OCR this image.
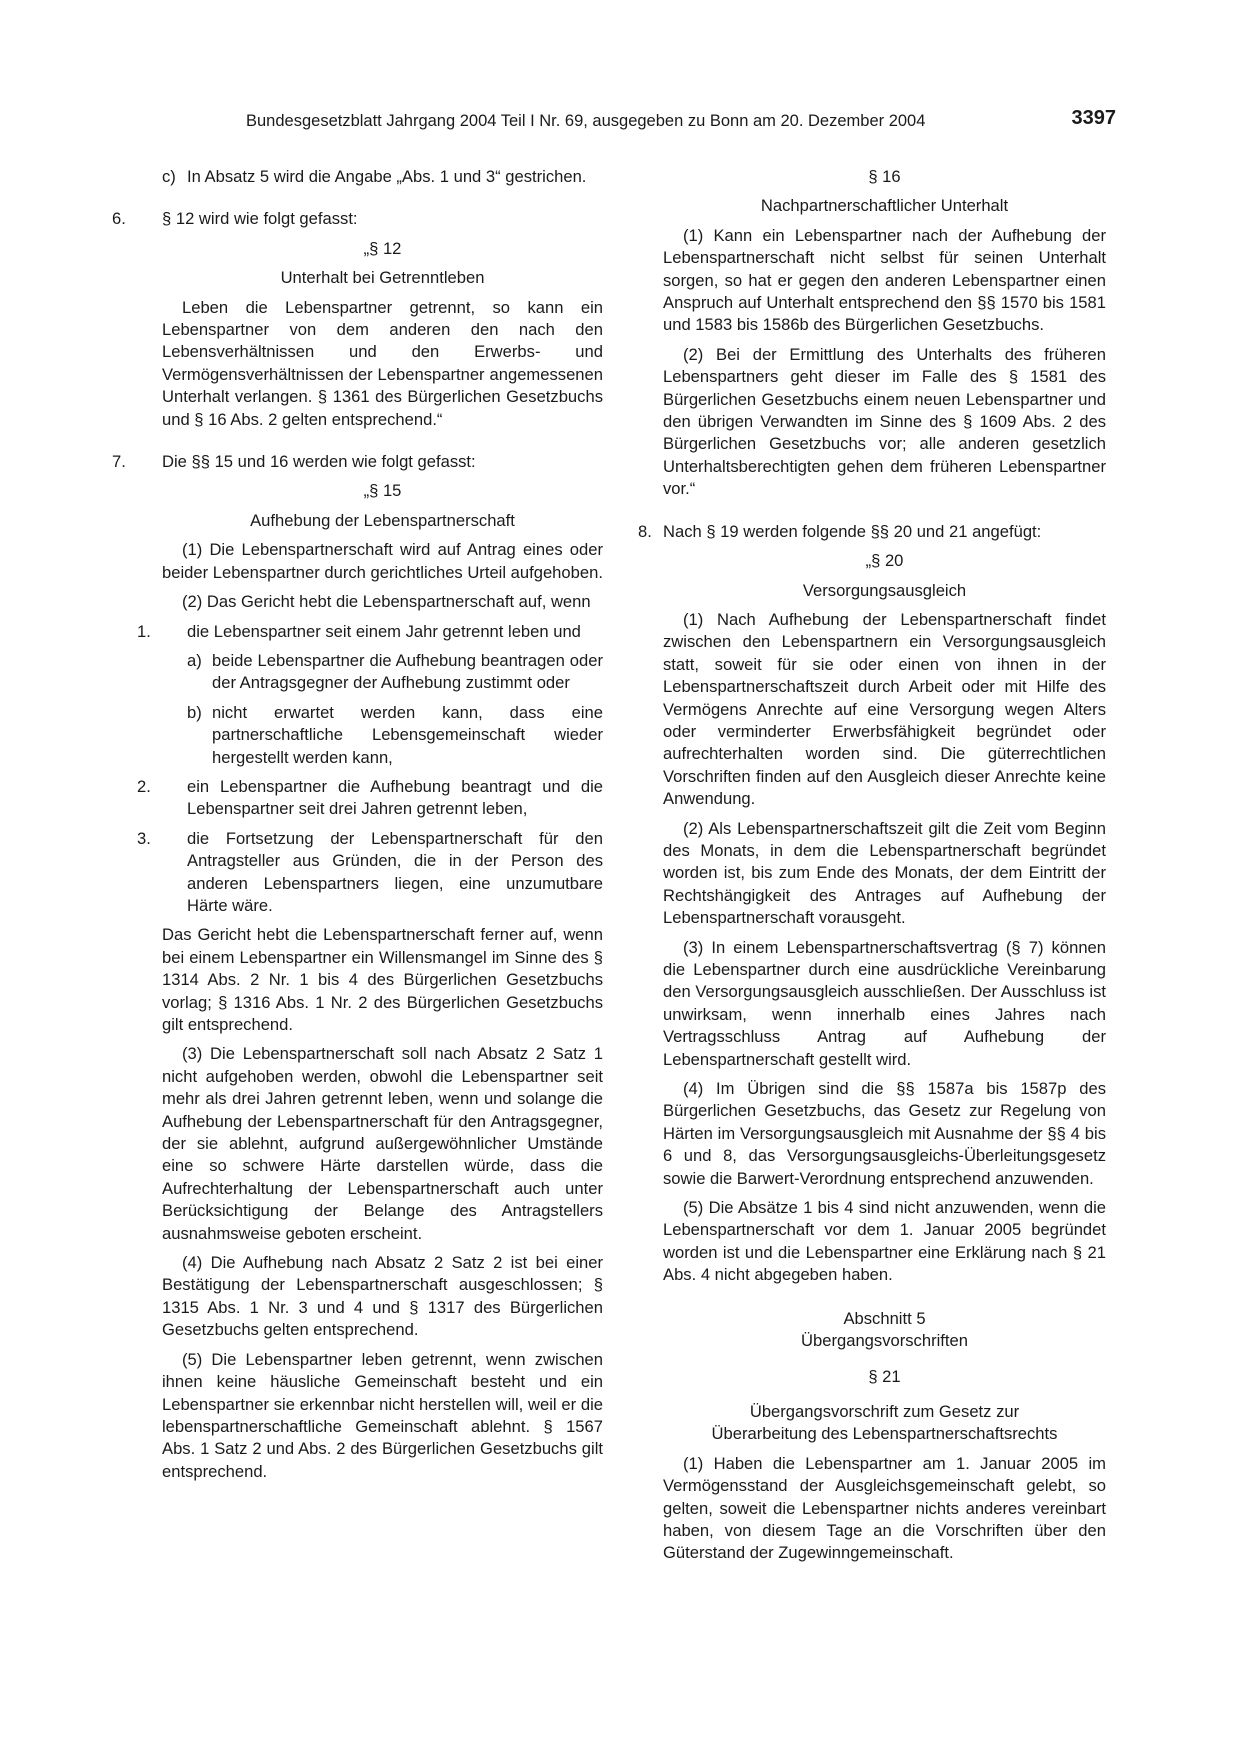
Bundesgesetzblatt Jahrgang 2004 Teil I Nr. 69, ausgegeben zu Bonn am 20. Dezember 2004	3397
c) In Absatz 5 wird die Angabe „Abs. 1 und 3“ gestrichen.

6. § 12 wird wie folgt gefasst:

„§ 12

Unterhalt bei Getrenntleben

Leben die Lebenspartner getrennt, so kann ein Lebenspartner von dem anderen den nach den Lebensverhältnissen und den Erwerbs- und Vermögensverhältnissen der Lebenspartner angemessenen Unterhalt verlangen. § 1361 des Bürgerlichen Gesetzbuchs und § 16 Abs. 2 gelten entsprechend.“

7. Die §§ 15 und 16 werden wie folgt gefasst:

„§ 15

Aufhebung der Lebenspartnerschaft

(1) Die Lebenspartnerschaft wird auf Antrag eines oder beider Lebenspartner durch gerichtliches Urteil aufgehoben.

(2) Das Gericht hebt die Lebenspartnerschaft auf, wenn

1. die Lebenspartner seit einem Jahr getrennt leben und

a) beide Lebenspartner die Aufhebung beantragen oder der Antragsgegner der Aufhebung zustimmt oder

b) nicht erwartet werden kann, dass eine partnerschaftliche Lebensgemeinschaft wieder hergestellt werden kann,

2. ein Lebenspartner die Aufhebung beantragt und die Lebenspartner seit drei Jahren getrennt leben,

3. die Fortsetzung der Lebenspartnerschaft für den Antragsteller aus Gründen, die in der Person des anderen Lebenspartners liegen, eine unzumutbare Härte wäre.

Das Gericht hebt die Lebenspartnerschaft ferner auf, wenn bei einem Lebenspartner ein Willensmangel im Sinne des § 1314 Abs. 2 Nr. 1 bis 4 des Bürgerlichen Gesetzbuchs vorlag; § 1316 Abs. 1 Nr. 2 des Bürgerlichen Gesetzbuchs gilt entsprechend.

(3) Die Lebenspartnerschaft soll nach Absatz 2 Satz 1 nicht aufgehoben werden, obwohl die Lebenspartner seit mehr als drei Jahren getrennt leben, wenn und solange die Aufhebung der Lebenspartnerschaft für den Antragsgegner, der sie ablehnt, aufgrund außergewöhnlicher Umstände eine so schwere Härte darstellen würde, dass die Aufrechterhaltung der Lebenspartnerschaft auch unter Berücksichtigung der Belange des Antragstellers ausnahmsweise geboten erscheint.

(4) Die Aufhebung nach Absatz 2 Satz 2 ist bei einer Bestätigung der Lebenspartnerschaft ausgeschlossen; § 1315 Abs. 1 Nr. 3 und 4 und § 1317 des Bürgerlichen Gesetzbuchs gelten entsprechend.

(5) Die Lebenspartner leben getrennt, wenn zwischen ihnen keine häusliche Gemeinschaft besteht und ein Lebenspartner sie erkennbar nicht herstellen will, weil er die lebenspartnerschaftliche Gemeinschaft ablehnt. § 1567 Abs. 1 Satz 2 und Abs. 2 des Bürgerlichen Gesetzbuchs gilt entsprechend.

§ 16

Nachpartnerschaftlicher Unterhalt

(1) Kann ein Lebenspartner nach der Aufhebung der Lebenspartnerschaft nicht selbst für seinen Unterhalt sorgen, so hat er gegen den anderen Lebenspartner einen Anspruch auf Unterhalt entsprechend den §§ 1570 bis 1581 und 1583 bis 1586b des Bürgerlichen Gesetzbuchs.

(2) Bei der Ermittlung des Unterhalts des früheren Lebenspartners geht dieser im Falle des § 1581 des Bürgerlichen Gesetzbuchs einem neuen Lebenspartner und den übrigen Verwandten im Sinne des § 1609 Abs. 2 des Bürgerlichen Gesetzbuchs vor; alle anderen gesetzlich Unterhaltsberechtigten gehen dem früheren Lebenspartner vor.“

8. Nach § 19 werden folgende §§ 20 und 21 angefügt:

„§ 20

Versorgungsausgleich

(1) Nach Aufhebung der Lebenspartnerschaft findet zwischen den Lebenspartnern ein Versorgungsausgleich statt, soweit für sie oder einen von ihnen in der Lebenspartnerschaftszeit durch Arbeit oder mit Hilfe des Vermögens Anrechte auf eine Versorgung wegen Alters oder verminderter Erwerbsfähigkeit begründet oder aufrechterhalten worden sind. Die güterrechtlichen Vorschriften finden auf den Ausgleich dieser Anrechte keine Anwendung.

(2) Als Lebenspartnerschaftszeit gilt die Zeit vom Beginn des Monats, in dem die Lebenspartnerschaft begründet worden ist, bis zum Ende des Monats, der dem Eintritt der Rechtshängigkeit des Antrages auf Aufhebung der Lebenspartnerschaft vorausgeht.

(3) In einem Lebenspartnerschaftsvertrag (§ 7) können die Lebenspartner durch eine ausdrückliche Vereinbarung den Versorgungsausgleich ausschließen. Der Ausschluss ist unwirksam, wenn innerhalb eines Jahres nach Vertragsschluss Antrag auf Aufhebung der Lebenspartnerschaft gestellt wird.

(4) Im Übrigen sind die §§ 1587a bis 1587p des Bürgerlichen Gesetzbuchs, das Gesetz zur Regelung von Härten im Versorgungsausgleich mit Ausnahme der §§ 4 bis 6 und 8, das Versorgungsausgleichs-Überleitungsgesetz sowie die Barwert-Verordnung entsprechend anzuwenden.

(5) Die Absätze 1 bis 4 sind nicht anzuwenden, wenn die Lebenspartnerschaft vor dem 1. Januar 2005 begründet worden ist und die Lebenspartner eine Erklärung nach § 21 Abs. 4 nicht abgegeben haben.

Abschnitt 5

Übergangsvorschriften

§ 21

Übergangsvorschrift zum Gesetz zur

Überarbeitung des Lebenspartnerschaftsrechts

(1) Haben die Lebenspartner am 1. Januar 2005 im Vermögensstand der Ausgleichsgemeinschaft gelebt, so gelten, soweit die Lebenspartner nichts anderes vereinbart haben, von diesem Tage an die Vorschriften über den Güterstand der Zugewinngemeinschaft.
